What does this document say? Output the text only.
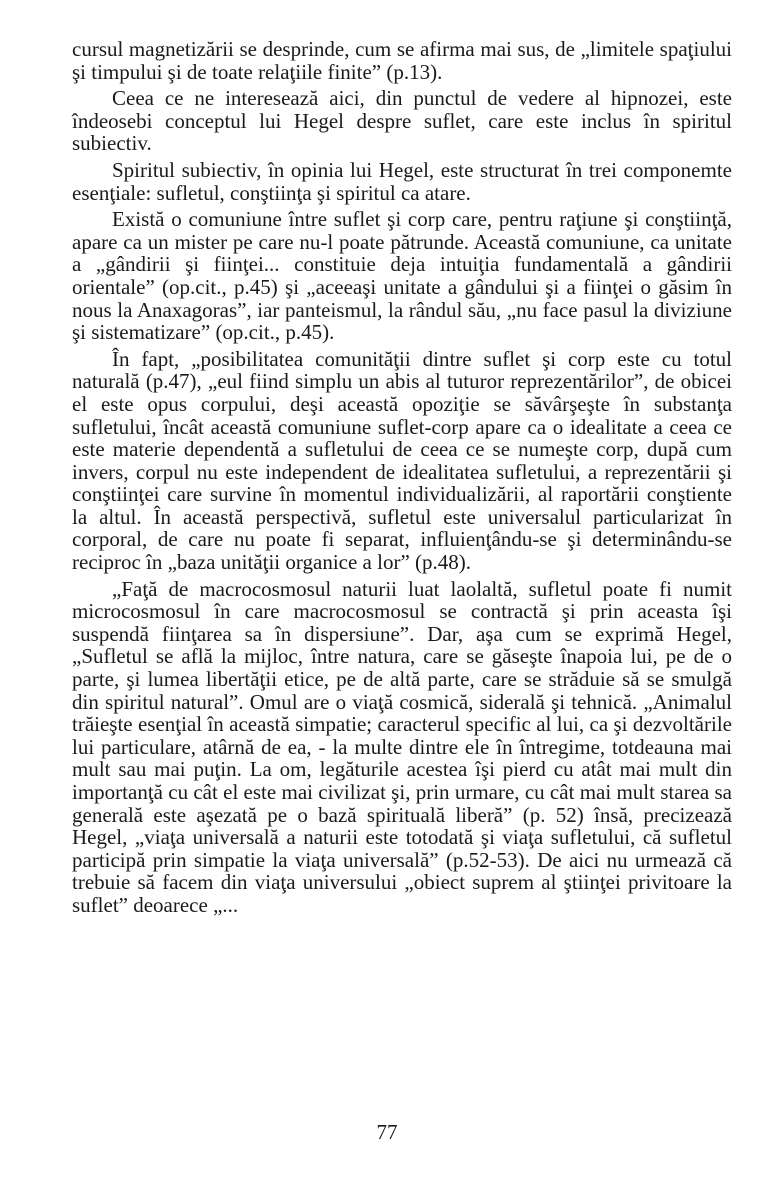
cursul magnetizării se desprinde, cum se afirma mai sus, de „limitele spaţiului şi timpului şi de toate relaţiile finite” (p.13).

Ceea ce ne interesează aici, din punctul de vedere al hipnozei, este îndeosebi conceptul lui Hegel despre suflet, care este inclus în spiritul subiectiv.

Spiritul subiectiv, în opinia lui Hegel, este structurat în trei componemte esenţiale: sufletul, conştiinţa şi spiritul ca atare.

Există o comuniune între suflet şi corp care, pentru raţiune şi conştiinţă, apare ca un mister pe care nu-l poate pătrunde. Această comuniune, ca unitate a „gândirii şi fiinţei... constituie deja intuiţia fundamentală a gândirii orientale” (op.cit., p.45) şi „aceeaşi unitate a gândului şi a fiinţei o găsim în nous la Anaxagoras”, iar panteismul, la rândul său, „nu face pasul la diviziune şi sistematizare” (op.cit., p.45).

În fapt, „posibilitatea comunităţii dintre suflet şi corp este cu totul naturală (p.47), „eul fiind simplu un abis al tuturor reprezentărilor”, de obicei el este opus corpului, deşi această opoziţie se săvârşeşte în substanţa sufletului, încât această comuniune suflet-corp apare ca o idealitate a ceea ce este materie dependentă a sufletului de ceea ce se numeşte corp, după cum invers, corpul nu este independent de idealitatea sufletului, a reprezentării şi conştiinţei care survine în momentul individualizării, al raportării conştiente la altul. În această perspectivă, sufletul este universalul particularizat în corporal, de care nu poate fi separat, influienţându-se şi determinându-se reciproc în „baza unităţii organice a lor” (p.48).

„Faţă de macrocosmosul naturii luat laolaltă, sufletul poate fi numit microcosmosul în care macrocosmosul se contractă şi prin aceasta îşi suspendă fiinţarea sa în dispersiune”. Dar, aşa cum se exprimă Hegel, „Sufletul se află la mijloc, între natura, care se găseşte înapoia lui, pe de o parte, şi lumea libertăţii etice, pe de altă parte, care se străduie să se smulgă din spiritul natural”. Omul are o viaţă cosmică, siderală şi tehnică. „Animalul trăieşte esenţial în această simpatie; caracterul specific al lui, ca şi dezvoltările lui particulare, atârnă de ea, - la multe dintre ele în întregime, totdeauna mai mult sau mai puţin. La om, legăturile acestea îşi pierd cu atât mai mult din importanţă cu cât el este mai civilizat şi, prin urmare, cu cât mai mult starea sa generală este aşezată pe o bază spirituală liberă” (p. 52) însă, precizează Hegel, „viaţa universală a naturii este totodată şi viaţa sufletului, că sufletul participă prin simpatie la viaţa universală” (p.52-53). De aici nu urmează că trebuie să facem din viaţa universului „obiect suprem al ştiinţei privitoare la suflet” deoarece „...

77
